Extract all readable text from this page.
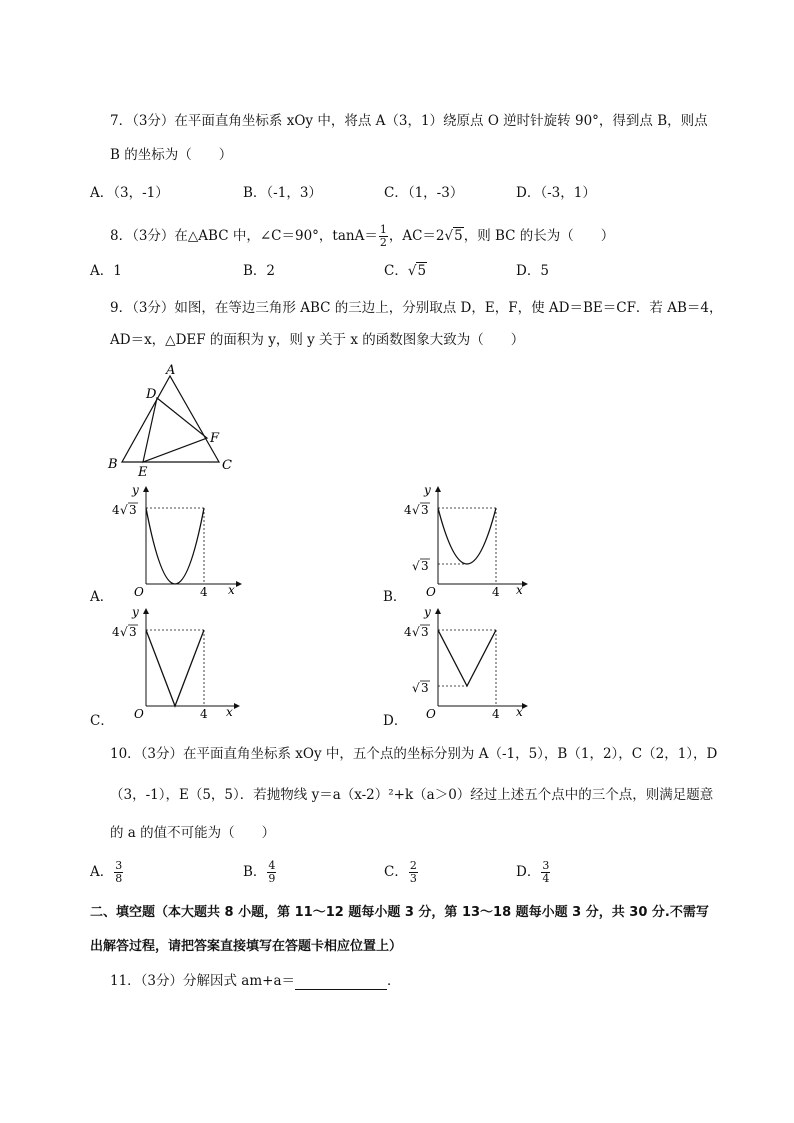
7．（3分）在平面直角坐标系 xOy 中，将点 A（3，1）绕原点 O 逆时针旋转 90°，得到点 B，则点
B 的坐标为（　　）
A．（3，-1）	B．（-1，3）	C．（1，-3）	D．（-3，1）
8．（3分）在△ABC 中，∠C＝90°，$\tan A= \frac{1}{2}$ ，AC＝2√5，则 BC 的长为（　　）
A．1	B．2	C．√5	D．5
9．（3分）如图，在等边三角形 ABC 的三边上，分别取点 D，E，F，使 AD＝BE＝CF．若 AB＝4，
AD＝x，△DEF 的面积为 y，则 y 关于 x 的函数图象大致为（　　）
A
B	C
D
E
F
A．
y
x
O	4
4 √ 3
B．
y
x
O	4
4 √ 3
√ 3
C．
y
x
O	4
4 √ 3
D．
y
x
O	4
4 √ 3
√ 3
10．（3分）在平面直角坐标系 xOy 中，五个点的坐标分别为 A（-1，5），B（1，2），C（2，1），D
（3，-1），E（5，5）．若抛物线 y＝a（x-2）²+k（a＞0）经过上述五个点中的三个点，则满足题意
的 a 的值不可能为（　　）
A． $\frac{3}{8}$	B． $\frac{4}{9}$	C． $\frac{2}{3}$	D． $\frac{3}{4}$
二、填空题（本大题共 8 小题，第 11～12 题每小题 3 分，第 13～18 题每小题 3 分，共 30 分.不需写
出解答过程，请把答案直接填写在答题卡相应位置上）
11．（3分）分解因式 am+a＝	．
